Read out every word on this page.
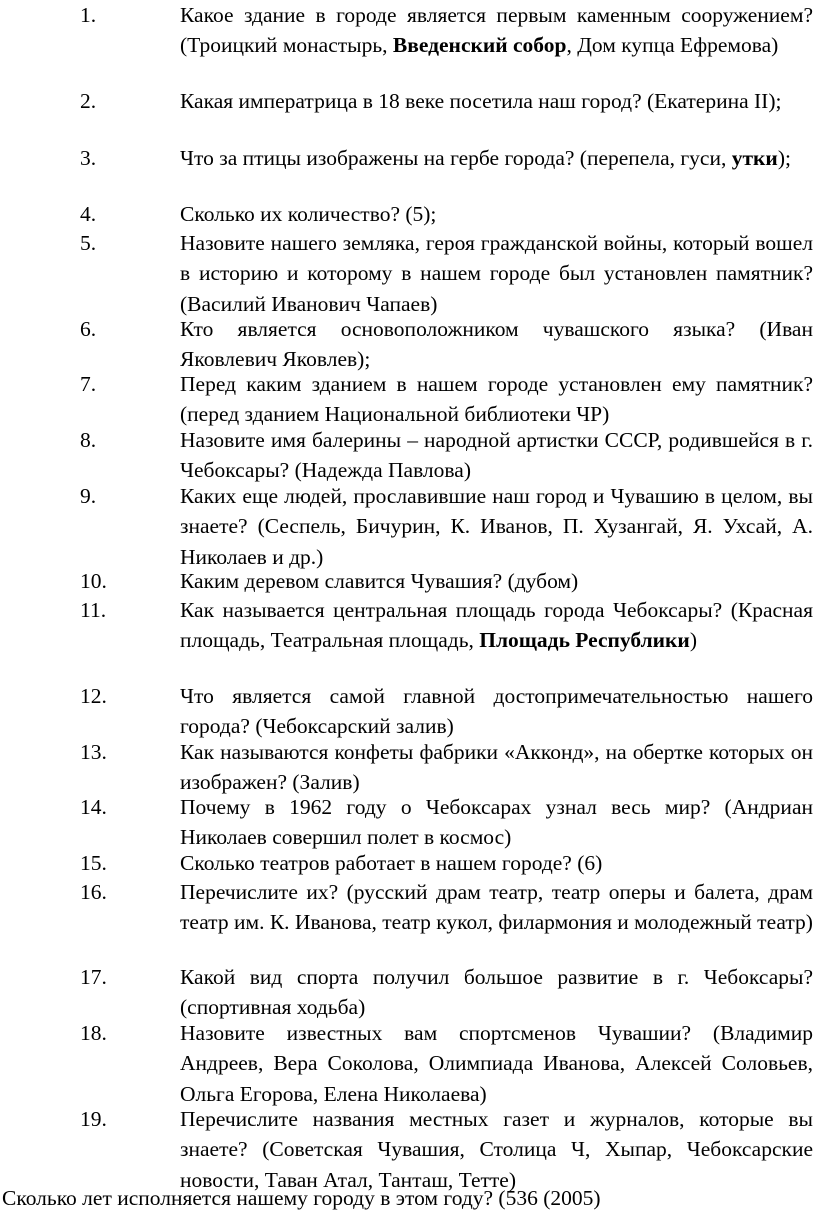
1.	Какое здание в городе является первым каменным сооружением? (Троицкий монастырь, Введенский собор, Дом купца Ефремова)

2.	Какая императрица в 18 веке посетила наш город? (Екатерина II);

3.	Что за птицы изображены на гербе города? (перепела, гуси, утки);

4.	Сколько их количество? (5);

5.	Назовите нашего земляка, героя гражданской войны, который вошел в историю и которому в нашем городе был установлен памятник? (Василий Иванович Чапаев)

6.	Кто является основоположником чувашского языка? (Иван Яковлевич Яковлев);

7.	Перед каким зданием в нашем городе установлен ему памятник? (перед зданием Национальной библиотеки ЧР)

8.	Назовите имя балерины – народной артистки СССР, родившейся в г. Чебоксары? (Надежда Павлова)

9.	Каких еще людей, прославившие наш город и Чувашию в целом, вы знаете? (Сеспель, Бичурин, К. Иванов, П. Хузангай, Я. Ухсай, А. Николаев и др.)

10.	Каким деревом славится Чувашия? (дубом)

11.	Как называется центральная площадь города Чебоксары? (Красная площадь, Театральная площадь, Площадь Республики)

12.	Что является самой главной достопримечательностью нашего города? (Чебоксарский залив)

13.	Как называются конфеты фабрики «Акконд», на обертке которых он изображен? (Залив)

14.	Почему в 1962 году о Чебоксарах узнал весь мир? (Андриан Николаев совершил полет в космос)

15.	Сколько театров работает в нашем городе? (6)

16.	Перечислите их? (русский драм театр, театр оперы и балета, драм театр им. К. Иванова, театр кукол, филармония и молодежный театр)

17.	Какой вид спорта получил большое развитие в г. Чебоксары? (спортивная ходьба)

18.	Назовите известных вам спортсменов Чувашии? (Владимир Андреев, Вера Соколова, Олимпиада Иванова, Алексей Соловьев, Ольга Егорова, Елена Николаева)

19.	Перечислите названия местных газет и журналов, которые вы знаете? (Советская Чувашия, Столица Ч, Хыпар, Чебоксарские новости, Таван Атал, Танташ, Тетте)

Сколько лет исполняется нашему городу в этом году? (536 (2005)
